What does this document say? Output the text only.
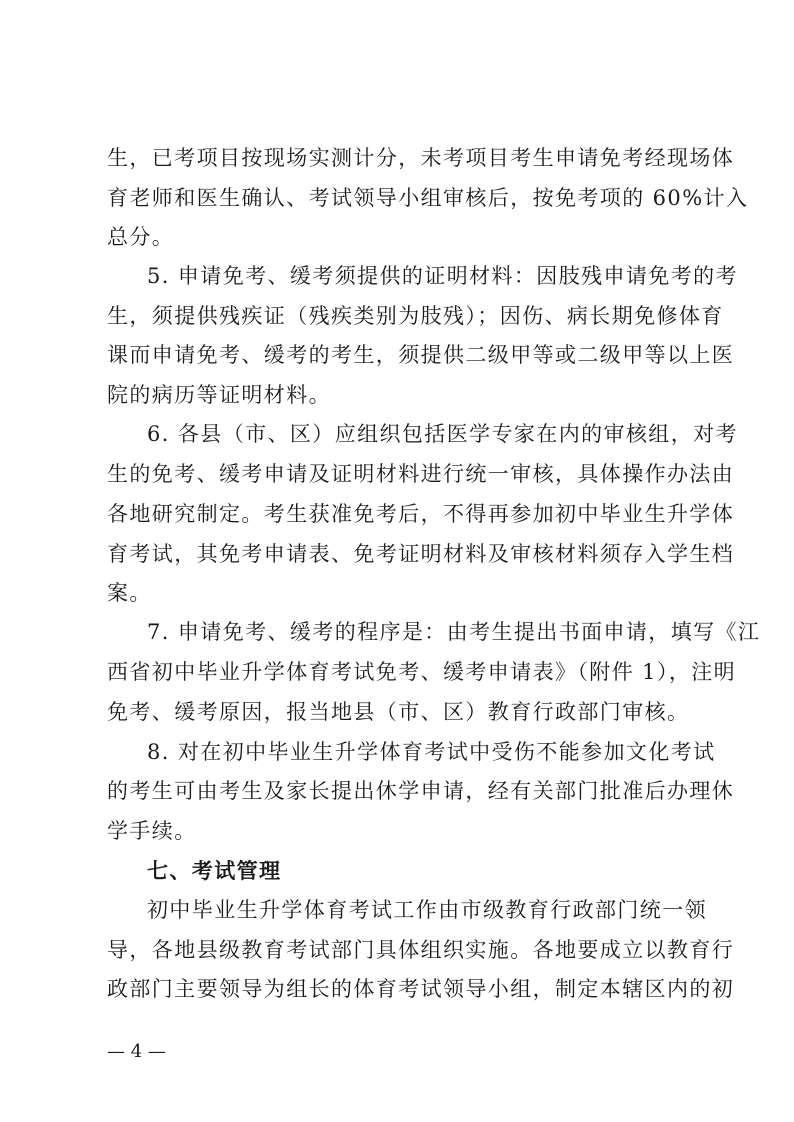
生，已考项目按现场实测计分，未考项目考生申请免考经现场体
育老师和医生确认、考试领导小组审核后，按免考项的 60%计入
总分。
5. 申请免考、缓考须提供的证明材料：因肢残申请免考的考
生，须提供残疾证（残疾类别为肢残）；因伤、病长期免修体育
课而申请免考、缓考的考生，须提供二级甲等或二级甲等以上医
院的病历等证明材料。
6. 各县（市、区）应组织包括医学专家在内的审核组，对考
生的免考、缓考申请及证明材料进行统一审核，具体操作办法由
各地研究制定。考生获准免考后，不得再参加初中毕业生升学体
育考试，其免考申请表、免考证明材料及审核材料须存入学生档
案。
7. 申请免考、缓考的程序是：由考生提出书面申请，填写《江
西省初中毕业升学体育考试免考、缓考申请表》（附件 1），注明
免考、缓考原因，报当地县（市、区）教育行政部门审核。
8. 对在初中毕业生升学体育考试中受伤不能参加文化考试
的考生可由考生及家长提出休学申请，经有关部门批准后办理休
学手续。
七、考试管理
初中毕业生升学体育考试工作由市级教育行政部门统一领
导，各地县级教育考试部门具体组织实施。各地要成立以教育行
政部门主要领导为组长的体育考试领导小组，制定本辖区内的初
— 4 —
